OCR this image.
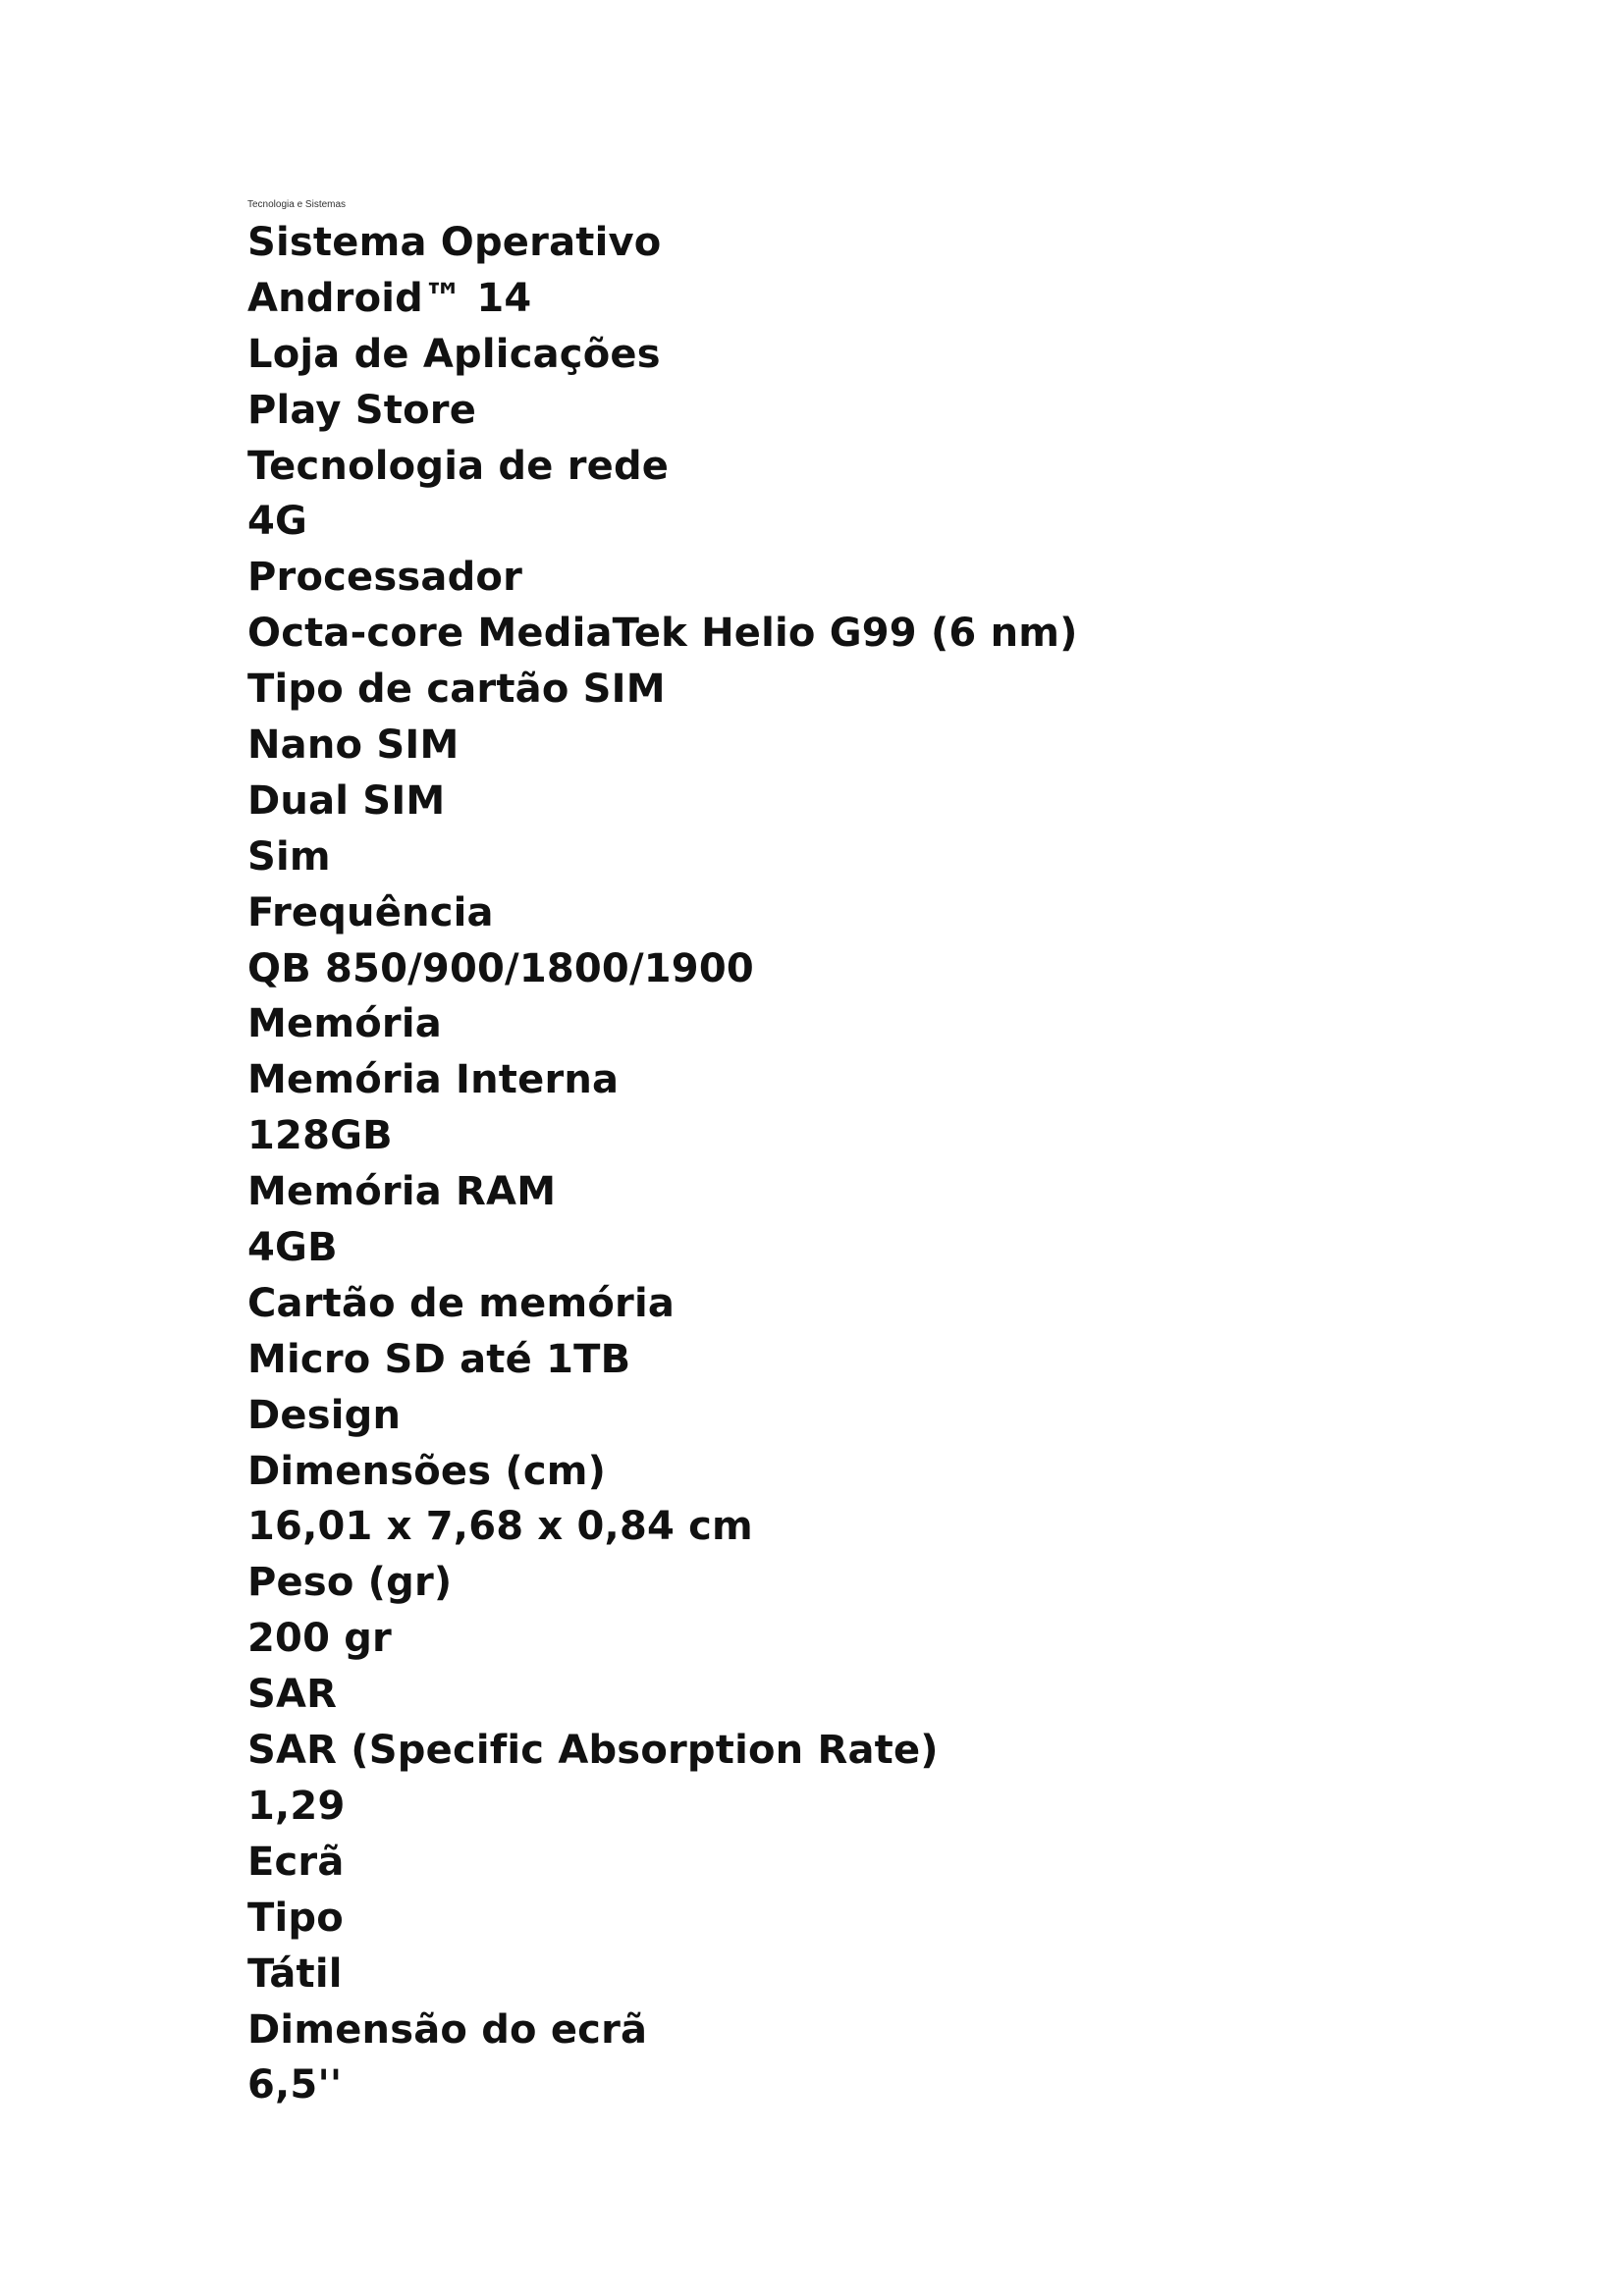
Tecnologia e Sistemas
Sistema Operativo
Android™ 14
Loja de Aplicações
Play Store
Tecnologia de rede
4G
Processador
Octa-core MediaTek Helio G99 (6 nm)
Tipo de cartão SIM
Nano SIM
Dual SIM
Sim
Frequência
QB 850/900/1800/1900
Memória
Memória Interna
128GB
Memória RAM
4GB
Cartão de memória
Micro SD até 1TB
Design
Dimensões (cm)
16,01 x 7,68 x 0,84 cm
Peso (gr)
200 gr
SAR
SAR (Specific Absorption Rate)
1,29
Ecrã
Tipo
Tátil
Dimensão do ecrã
6,5''
